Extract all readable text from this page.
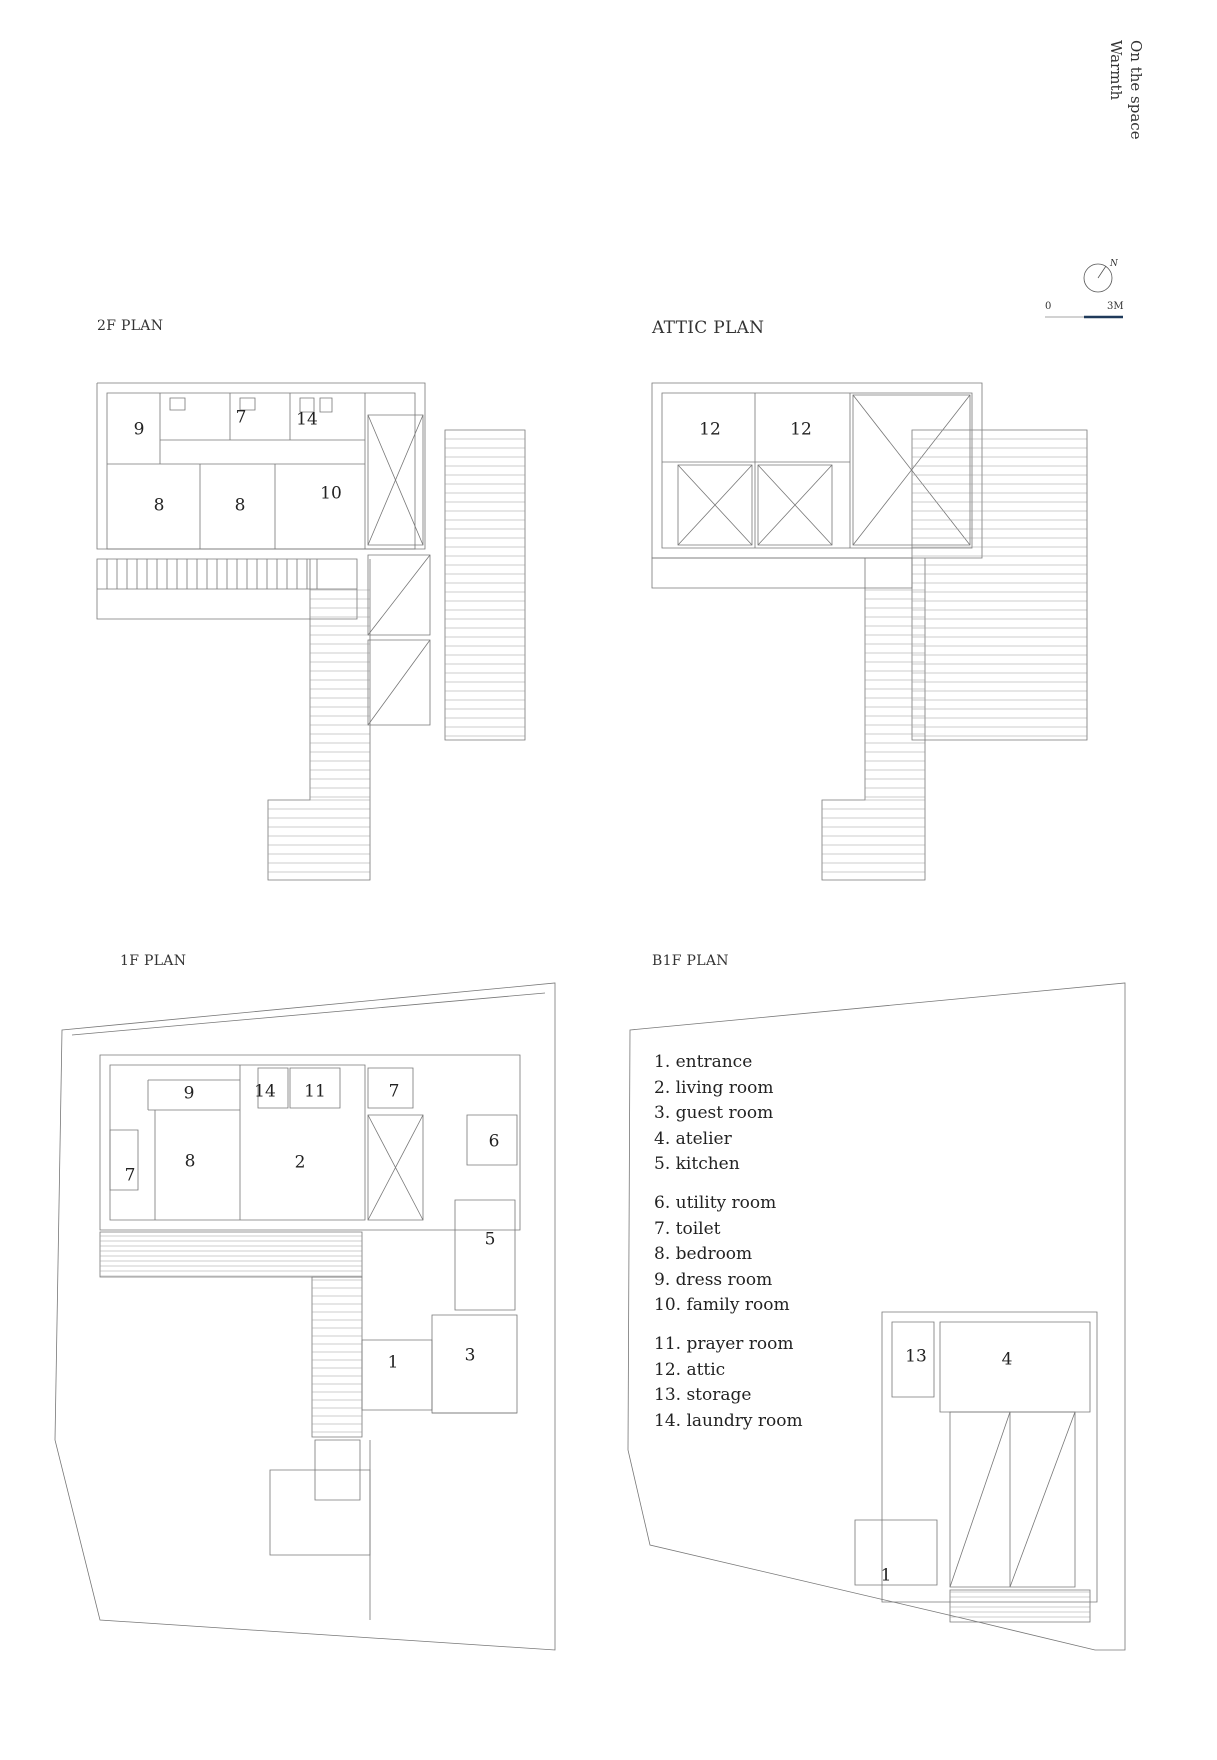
Warmth On the space
N
0	3M
2F PLAN	ATTIC PLAN
1F PLAN	B1F PLAN
9
7	14
8	8
10
12	12
9	14 11	7
6
7
8	2
5
1	3	13	4
1
1. entrance
2. living room
3. guest room
4. atelier
5. kitchen
6. utility room
7. toilet
8. bedroom
9. dress room
10. family room
11. prayer room
12. attic
13. storage
14. laundry room
